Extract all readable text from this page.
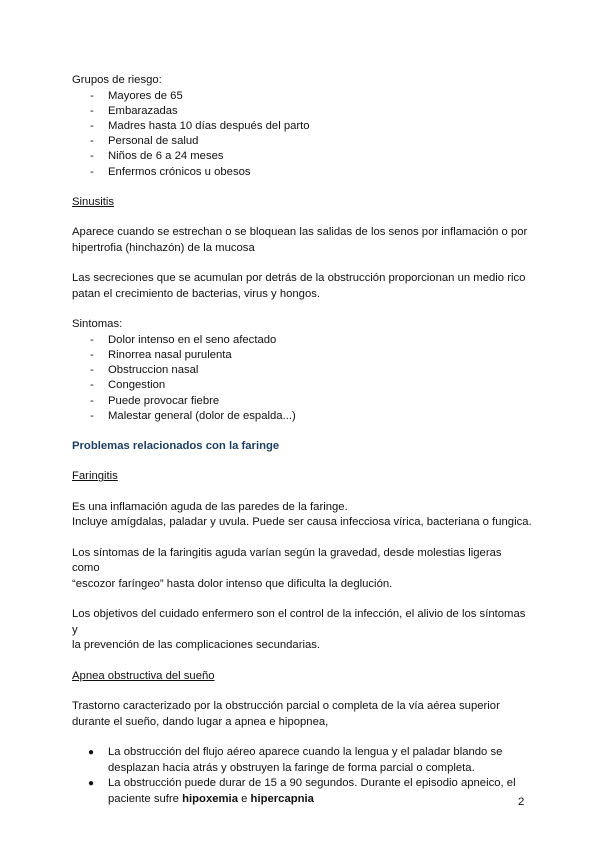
Grupos de riesgo:

- Mayores de 65
- Embarazadas
- Madres hasta 10 días después del parto
- Personal de salud
- Niños de 6 a 24 meses
- Enfermos crónicos u obesos

Sinusitis

Aparece cuando se estrechan o se bloquean las salidas de los senos por inflamación o por
hipertrofia (hinchazón) de la mucosa

Las secreciones que se acumulan por detrás de la obstrucción proporcionan un medio rico
patan el crecimiento de bacterias, virus y hongos.

Sintomas:

- Dolor intenso en el seno afectado
- Rinorrea nasal purulenta
- Obstruccion nasal
- Congestion
- Puede provocar fiebre
- Malestar general (dolor de espalda...)

Problemas relacionados con la faringe

Faringitis

Es una inflamación aguda de las paredes de la faringe.
Incluye amígdalas, paladar y uvula. Puede ser causa infecciosa vírica, bacteriana o fungica.

Los síntomas de la faringitis aguda varían según la gravedad, desde molestias ligeras como
“escozor faríngeo” hasta dolor intenso que dificulta la deglución.

Los objetivos del cuidado enfermero son el control de la infección, el alivio de los síntomas y
la prevención de las complicaciones secundarias.

Apnea obstructiva del sueño

Trastorno caracterizado por la obstrucción parcial o completa de la vía aérea superior
durante el sueño, dando lugar a apnea e hipopnea,

● La obstrucción del flujo aéreo aparece cuando la lengua y el paladar blando se
desplazan hacia atrás y obstruyen la faringe de forma parcial o completa.
● La obstrucción puede durar de 15 a 90 segundos. Durante el episodio apneico, el
paciente sufre hipoxemia e hipercapnia	2
